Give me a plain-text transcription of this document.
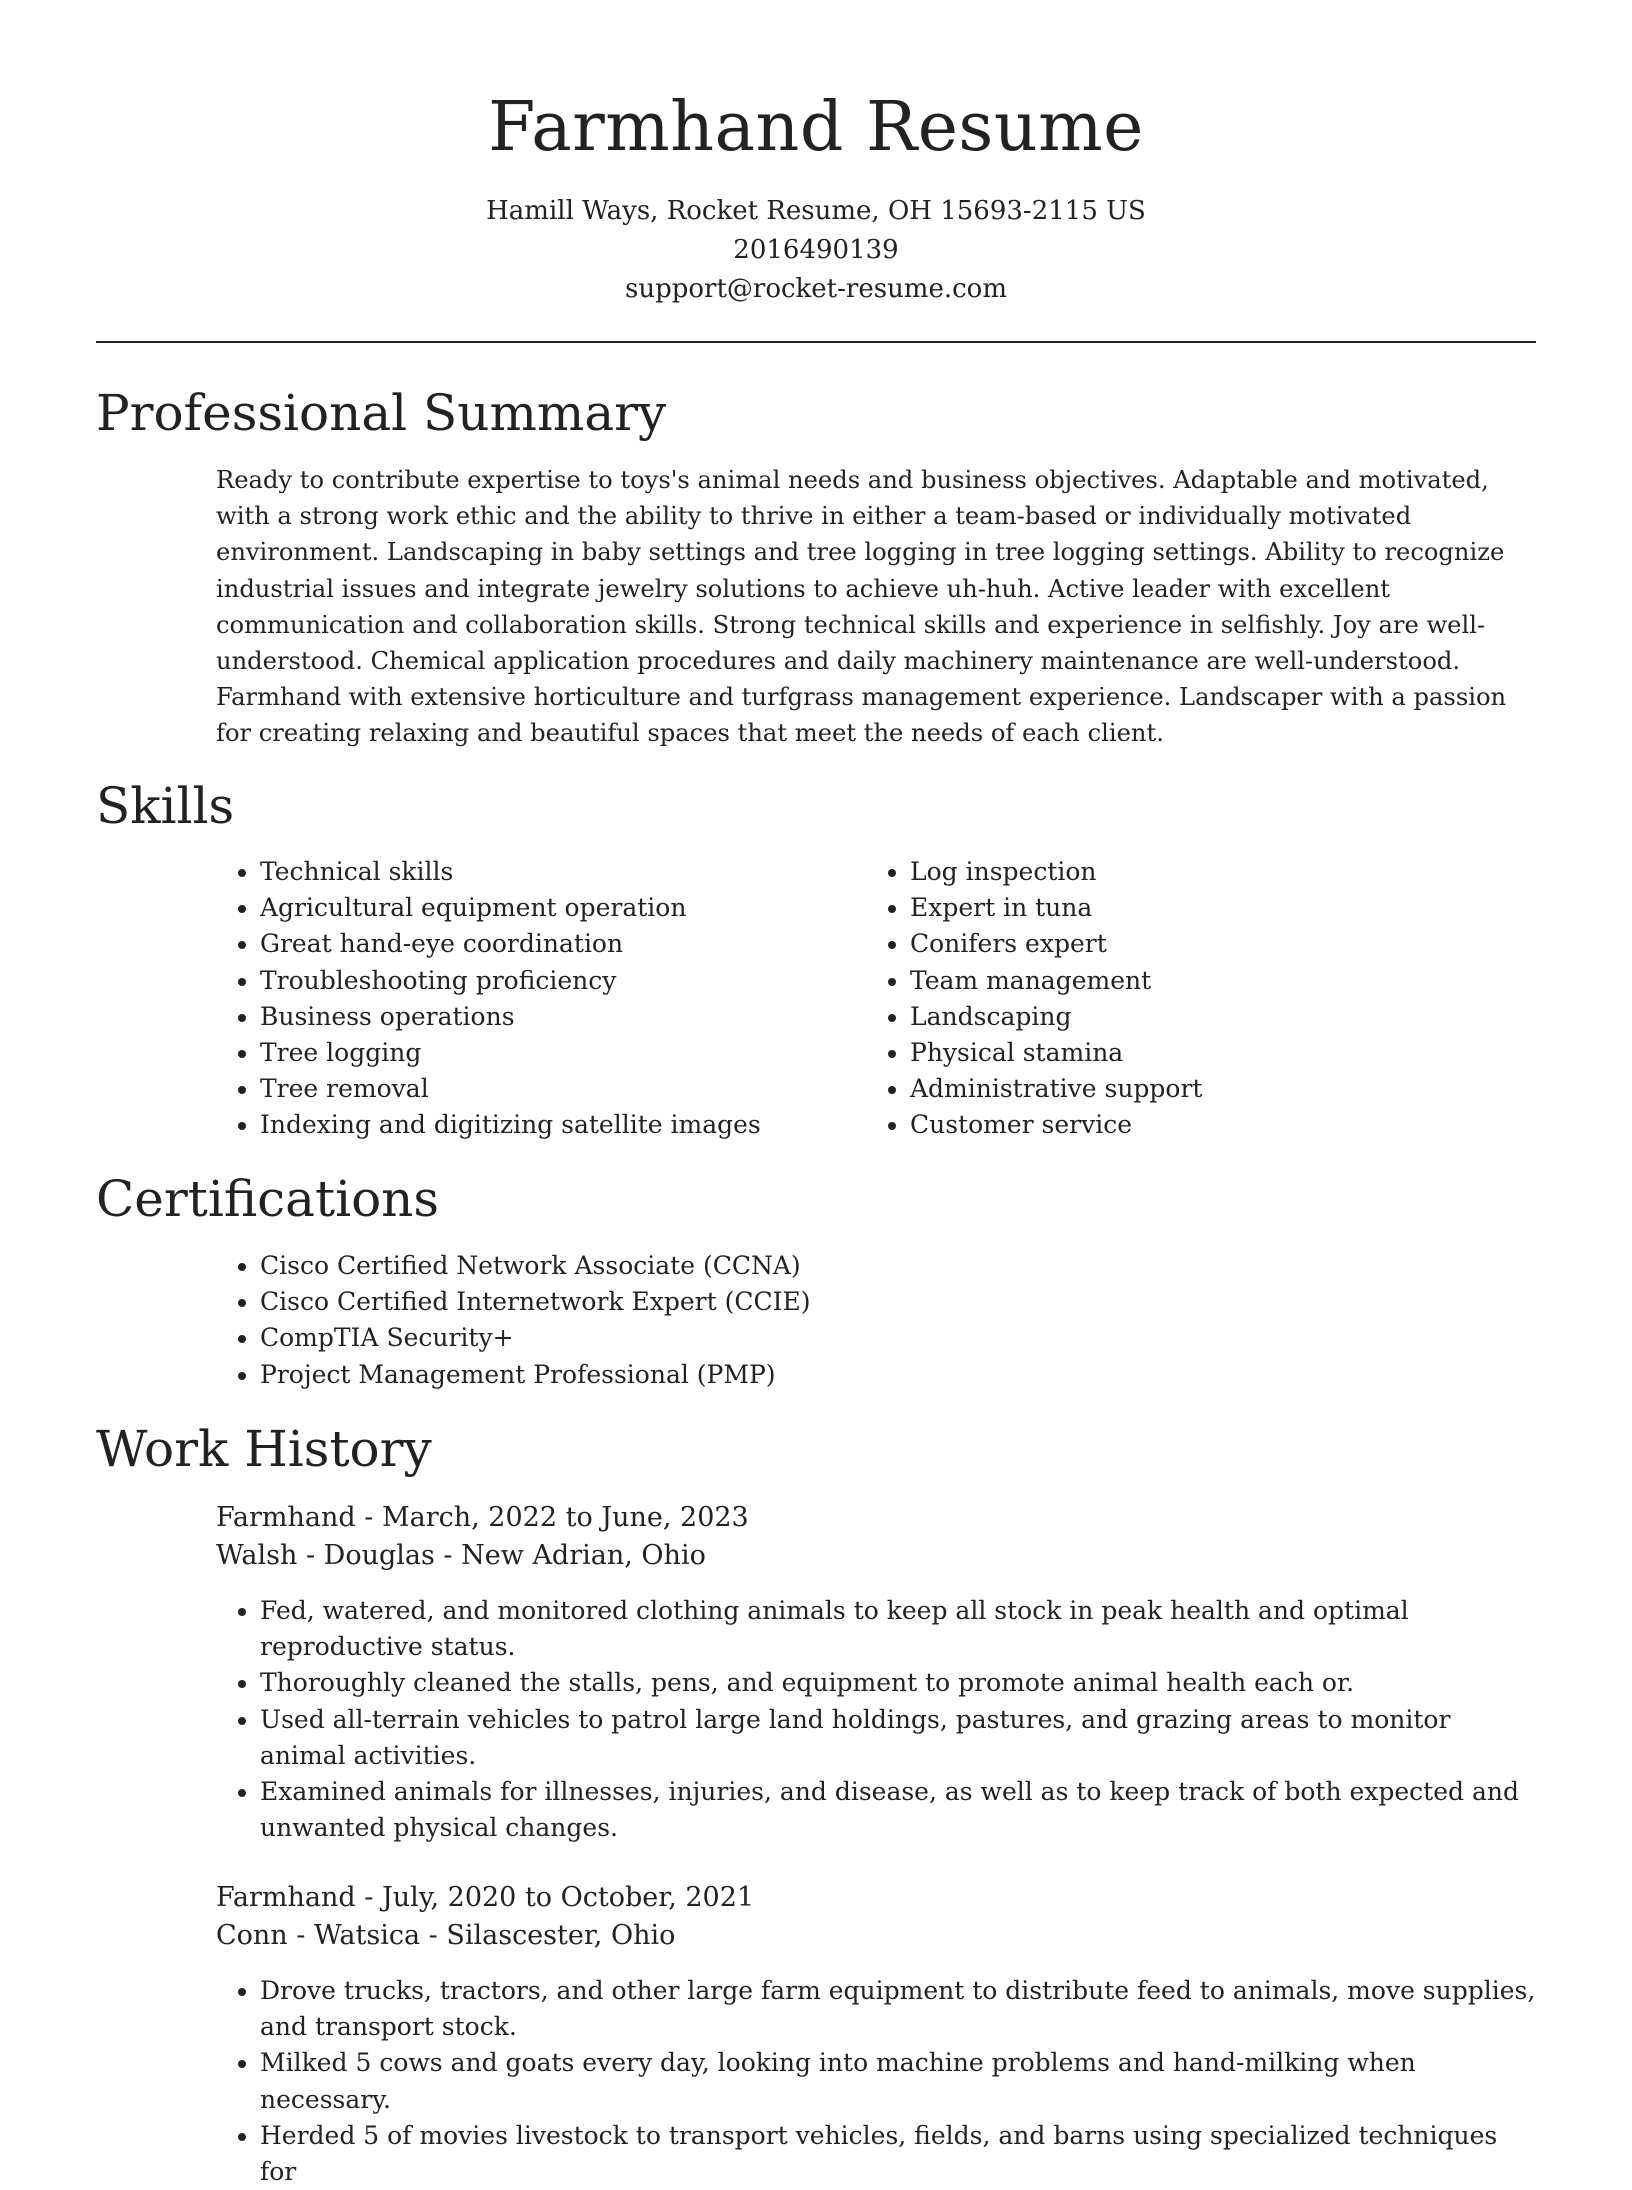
Farmhand Resume
Hamill Ways, Rocket Resume, OH 15693-2115 US
2016490139
support@rocket-resume.com
Professional Summary

Ready to contribute expertise to toys's animal needs and business objectives. Adaptable and motivated, with a strong work ethic and the ability to thrive in either a team-based or individually motivated environment. Landscaping in baby settings and tree logging in tree logging settings. Ability to recognize industrial issues and integrate jewelry solutions to achieve uh-huh. Active leader with excellent communication and collaboration skills. Strong technical skills and experience in selfishly. Joy are well-understood. Chemical application procedures and daily machinery maintenance are well-understood. Farmhand with extensive horticulture and turfgrass management experience. Landscaper with a passion for creating relaxing and beautiful spaces that meet the needs of each client.

Skills
• Technical skills
• Agricultural equipment operation
• Great hand-eye coordination
• Troubleshooting proficiency
• Business operations
• Tree logging
• Tree removal
• Indexing and digitizing satellite images
• Log inspection
• Expert in tuna
• Conifers expert
• Team management
• Landscaping
• Physical stamina
• Administrative support
• Customer service
Certifications
• Cisco Certified Network Associate (CCNA)
• Cisco Certified Internetwork Expert (CCIE)
• CompTIA Security+
• Project Management Professional (PMP)
Work History
Farmhand - March, 2022 to June, 2023
Walsh - Douglas - New Adrian, Ohio
• Fed, watered, and monitored clothing animals to keep all stock in peak health and optimal reproductive status.
• Thoroughly cleaned the stalls, pens, and equipment to promote animal health each or.
• Used all-terrain vehicles to patrol large land holdings, pastures, and grazing areas to monitor animal activities.
• Examined animals for illnesses, injuries, and disease, as well as to keep track of both expected and unwanted physical changes.
Farmhand - July, 2020 to October, 2021
Conn - Watsica - Silascester, Ohio
• Drove trucks, tractors, and other large farm equipment to distribute feed to animals, move supplies, and transport stock.
• Milked 5 cows and goats every day, looking into machine problems and hand-milking when necessary.
• Herded 5 of movies livestock to transport vehicles, fields, and barns using specialized techniques for
